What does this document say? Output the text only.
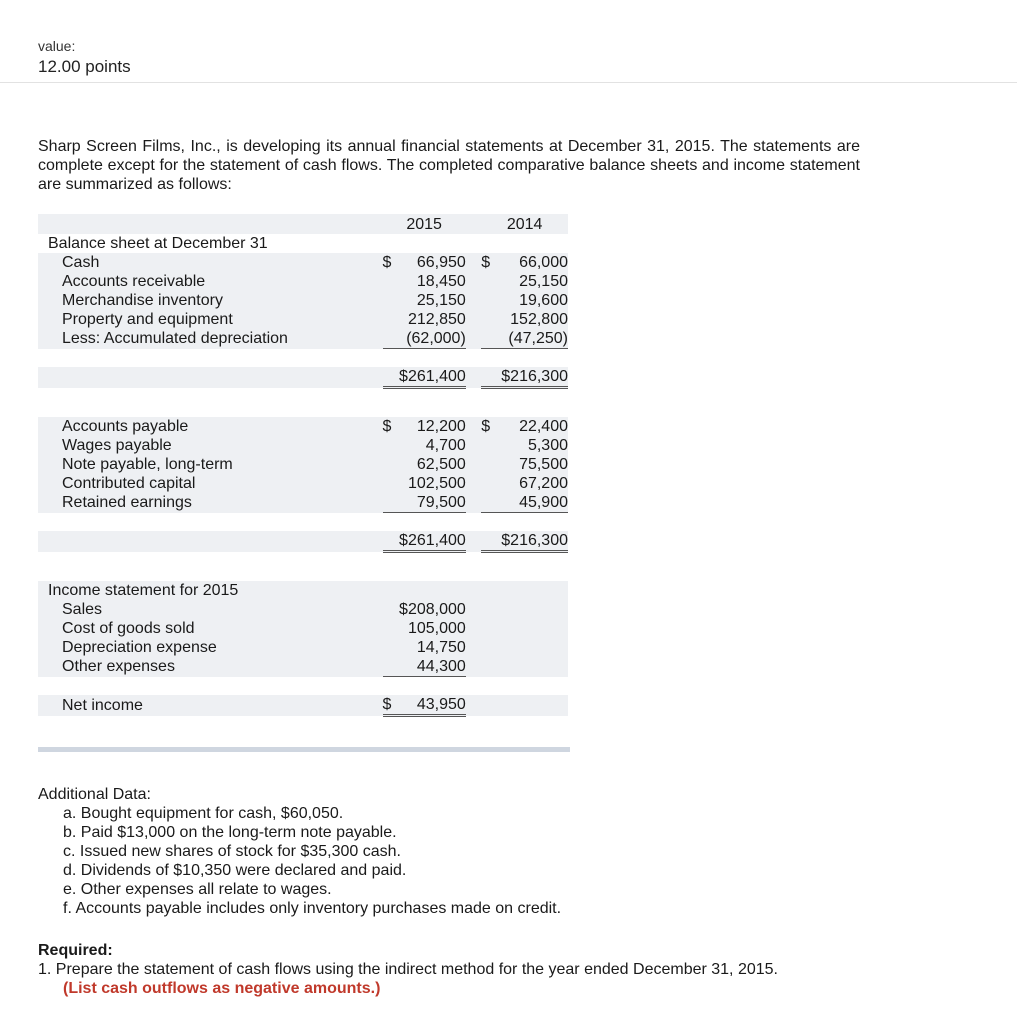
value:
12.00 points
Sharp Screen Films, Inc., is developing its annual financial statements at December 31, 2015. The statements are complete except for the statement of cash flows. The completed comparative balance sheets and income statement are summarized as follows:
		2015		2014
Balance sheet at December 31				
Cash		$ 66,950		$ 66,000

Accounts receivable		18,450		25,150
Merchandise inventory		25,150		19,600
Property and equipment		212,850		152,800
Less: Accumulated depreciation		(62,000)		(47,250)

		$261,400		$216,300

Accounts payable		$ 12,200		$ 22,400

Wages payable		4,700		5,300
Note payable, long-term		62,500		75,500
Contributed capital		102,500		67,200
Retained earnings		79,500		45,900

		$261,400		$216,300

Income statement for 2015				
Sales		$208,000		
Cost of goods sold		105,000		
Depreciation expense		14,750		
Other expenses		44,300		

Net income		$ 43,950		

Additional Data:
a. Bought equipment for cash, $60,050.
b. Paid $13,000 on the long-term note payable.
c. Issued new shares of stock for $35,300 cash.
d. Dividends of $10,350 were declared and paid.
e. Other expenses all relate to wages.
f. Accounts payable includes only inventory purchases made on credit.
Required:
1. Prepare the statement of cash flows using the indirect method for the year ended December 31, 2015.
(List cash outflows as negative amounts.)
